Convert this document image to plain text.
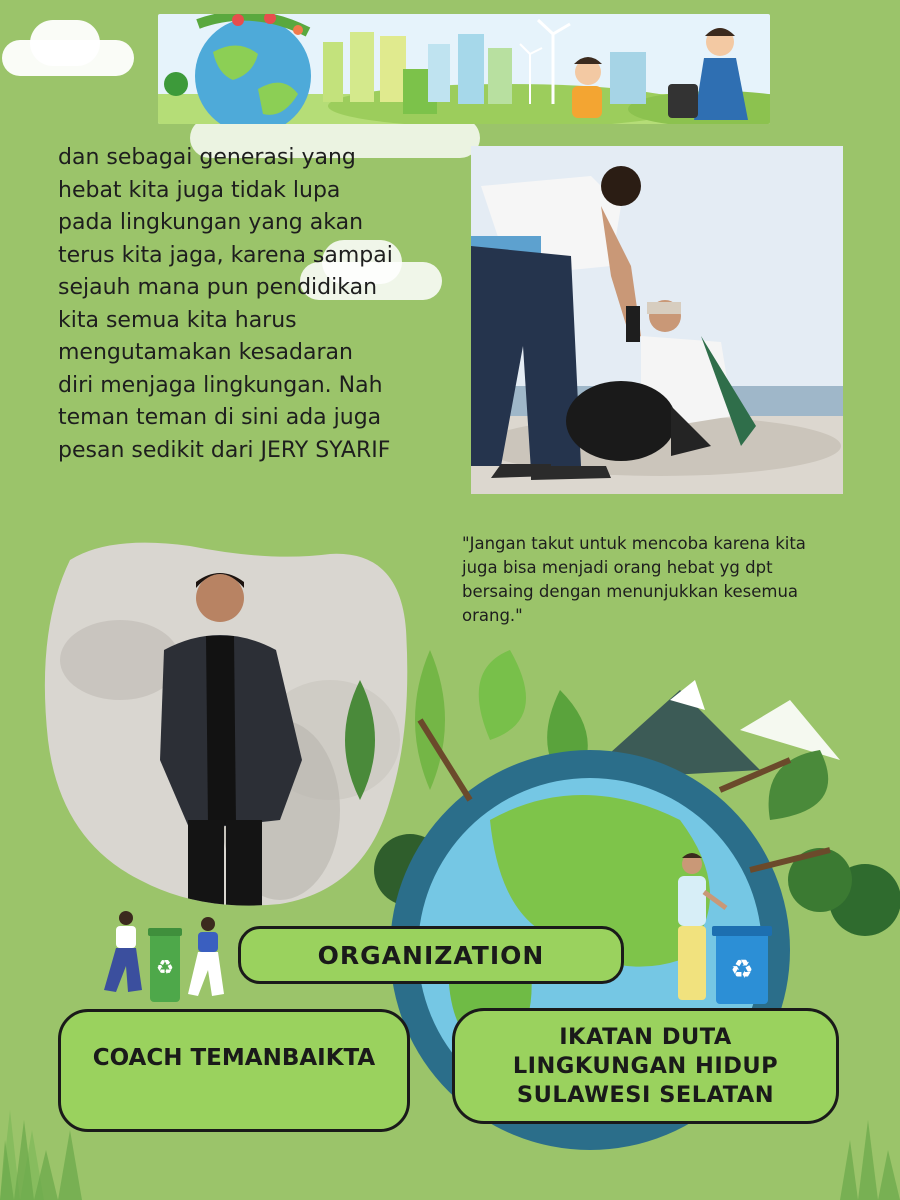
dan sebagai generasi yang
hebat kita juga tidak lupa
pada lingkungan yang akan
terus kita jaga, karena sampai
sejauh mana pun pendidikan
kita semua kita harus
mengutamakan kesadaran
diri menjaga lingkungan. Nah
teman teman di sini ada juga
pesan sedikit dari JERY SYARIF

"Jangan takut untuk mencoba karena kita
juga bisa menjadi orang hebat yg dpt
bersaing dengan menunjukkan kesemua
orang."

♻	♻
ORGANIZATION
COACH TEMANBAIKTA
IKATAN DUTA
LINGKUNGAN HIDUP
SULAWESI SELATAN
